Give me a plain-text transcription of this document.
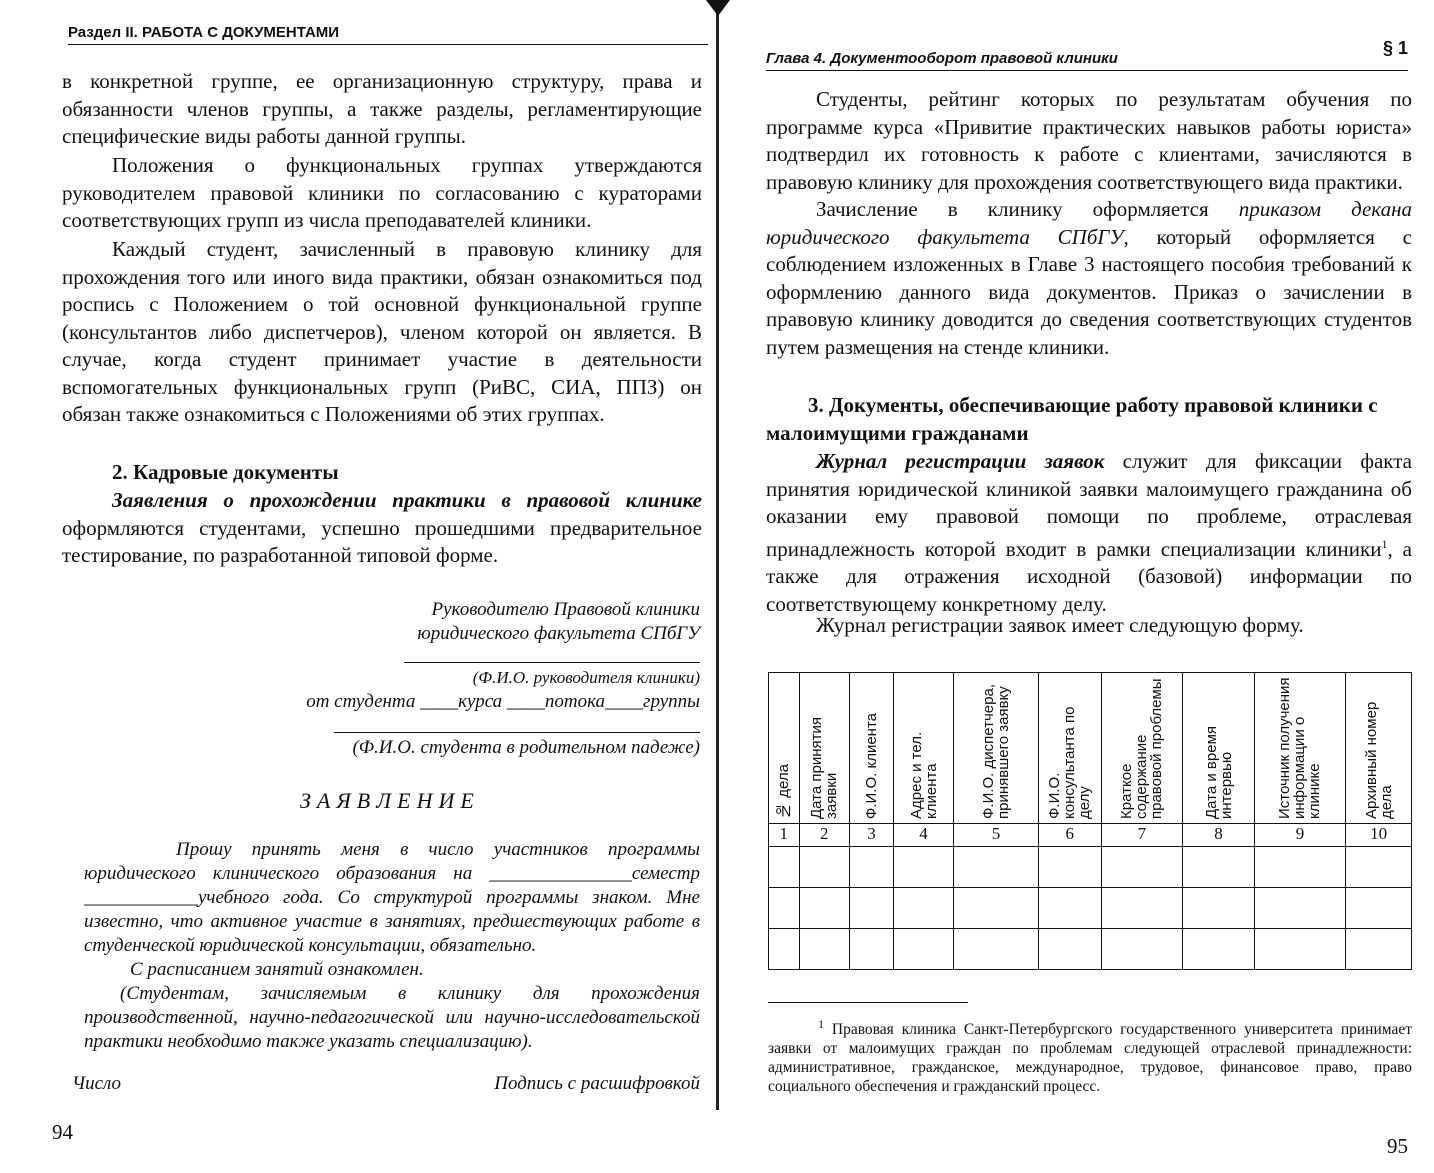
Раздел II. РАБОТА С ДОКУМЕНТАМИ

в конкретной группе, ее организационную структуру, права и обязанности членов группы, а также разделы, регламентирующие специфические виды работы данной группы.

Положения о функциональных группах утверждаются руководителем правовой клиники по согласованию с кураторами соответствующих групп из числа преподавателей клиники.

Каждый студент, зачисленный в правовую клинику для прохождения того или иного вида практики, обязан ознакомиться под роспись с Положением о той основной функциональной группе (консультантов либо диспетчеров), членом которой он является. В случае, когда студент принимает участие в деятельности вспомогательных функциональных групп (РиВС, СИА, ППЗ) он обязан также ознакомиться с Положениями об этих группах.

2. Кадровые документы

Заявления о прохождении практики в правовой клинике оформляются студентами, успешно прошедшими предварительное тестирование, по разработанной типовой форме.

Руководителю Правовой клиники
юридического факультета СПбГУ
(Ф.И.О. руководителя клиники)
от студента ____курса ____потока____группы
(Ф.И.О. студента в родительном падеже)
ЗАЯВЛЕНИЕ
Прошу принять меня в число участников программы юридического клинического образования на _______________семестр ____________учебного года. Со структурой программы знаком. Мне известно, что активное участие в занятиях, предшествующих работе в студенческой юридической консультации, обязательно.
С расписанием занятий ознакомлен.
(Студентам, зачисляемым в клинику для прохождения производственной, научно-педагогической или научно-исследовательской практики необходимо также указать специализацию).
Число	Подпись с расшифровкой
94
Глава 4. Документооборот правовой клиники
§ 1

Студенты, рейтинг которых по результатам обучения по программе курса «Привитие практических навыков работы юриста» подтвердил их готовность к работе с клиентами, зачисляются в правовую клинику для прохождения соответствующего вида практики.

Зачисление в клинику оформляется приказом декана юридического факультета СПбГУ, который оформляется с соблюдением изложенных в Главе 3 настоящего пособия требований к оформлению данного вида документов. Приказ о зачислении в правовую клинику доводится до сведения соответствующих студентов путем размещения на стенде клиники.

3. Документы, обеспечивающие работу правовой клиники с малоимущими гражданами

Журнал регистрации заявок служит для фиксации факта принятия юридической клиникой заявки малоимущего гражданина об оказании ему правовой помощи по проблеме, отраслевая принадлежность которой входит в рамки специализации клиники$^1$, а также для отражения исходной (базовой) информации по соответствующему конкретному делу.

Журнал регистрации заявок имеет следующую форму.

№ дела	Дата принятия заявки	Ф.И.О. клиента	Адрес и тел. клиента	Ф.И.О. диспетчера, принявшего заявку	Ф.И.О. консультанта по делу	Краткое содержание правовой проблемы	Дата и время интервью	Источник получения информации о клинике	Архивный номер дела

1	2	3	4	5	6	7	8	9	10

$^1$ Правовая клиника Санкт-Петербургского государственного университета принимает заявки от малоимущих граждан по проблемам следующей отраслевой принадлежности: административное, гражданское, международное, трудовое, финансовое право, право социального обеспечения и гражданский процесс.
95
